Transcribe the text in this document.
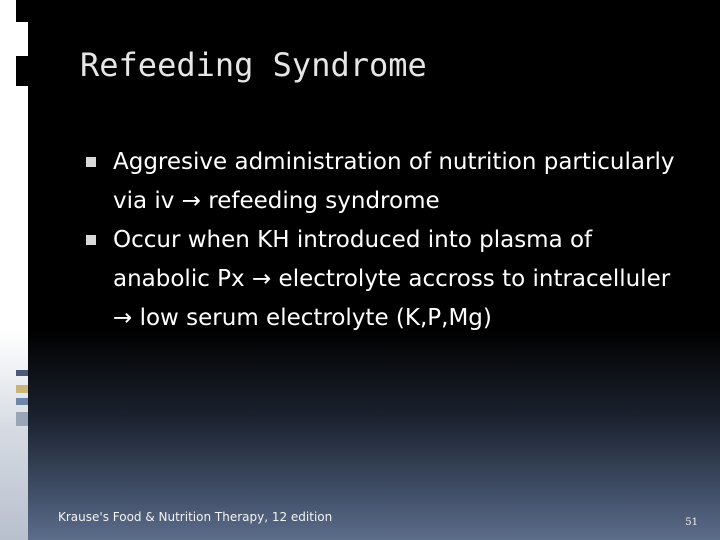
Refeeding Syndrome
Aggresive administration of nutrition particularly via iv → refeeding syndrome
Occur when KH introduced into plasma of anabolic Px → electrolyte accross to intracelluler → low serum electrolyte (K,P,Mg)
Krause's Food & Nutrition Therapy, 12 edition	51
